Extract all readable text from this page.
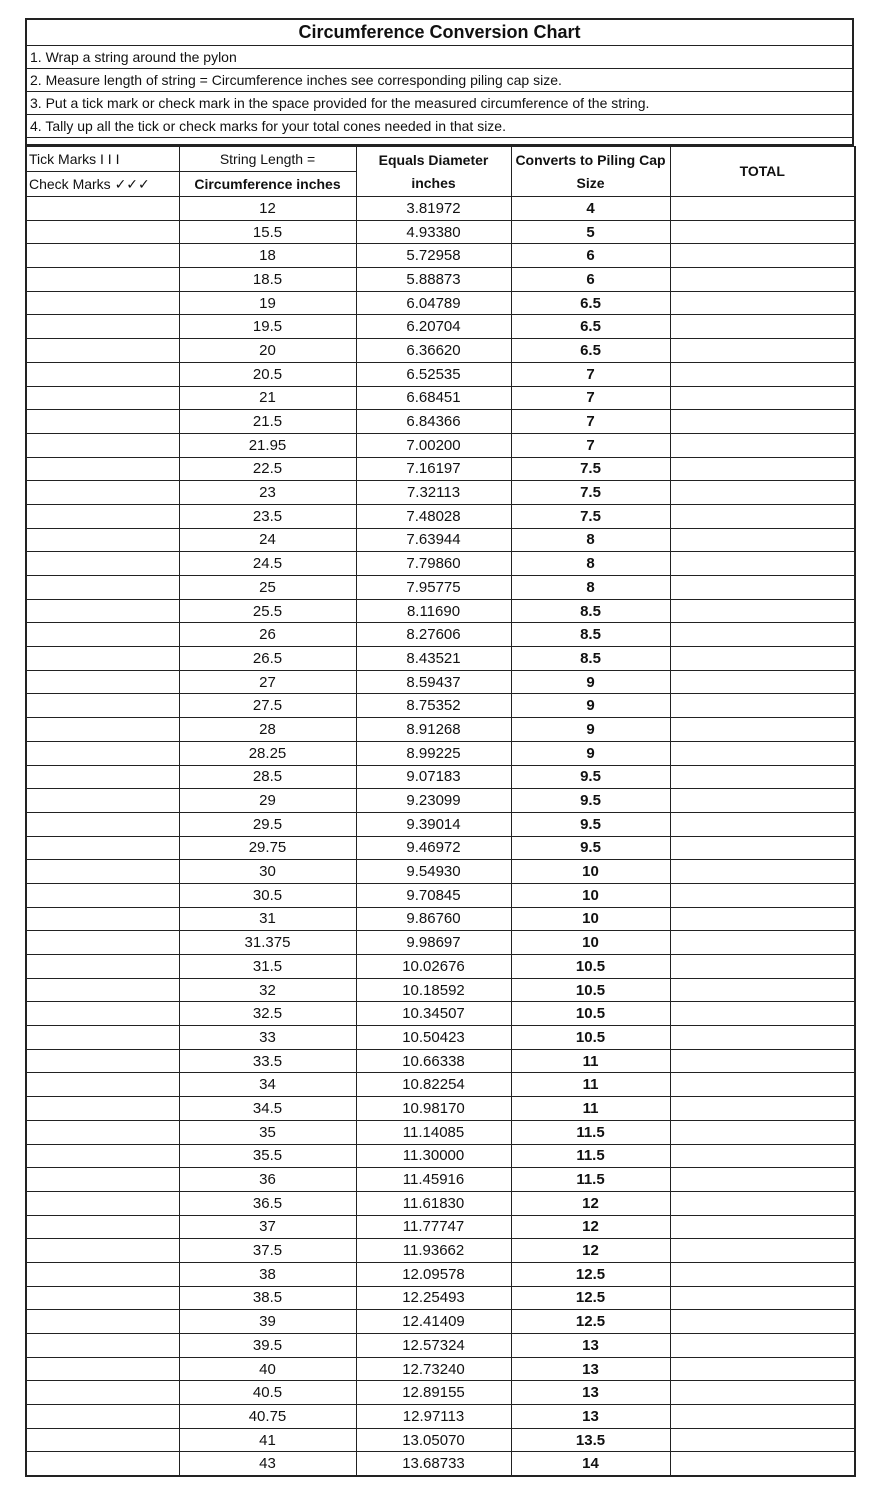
Circumference Conversion Chart
1. Wrap a string around the pylon
2. Measure length of string = Circumference inches see corresponding piling cap size.
3. Put a tick mark or check mark in the space provided for the measured circumference of the string.
4. Tally up all the tick or check marks for your total cones needed in that size.
Tick Marks I I I	String Length =	Equals Diameter inches	Converts to Piling Cap Size	TOTAL
Check Marks ✓✓✓	Circumference inches			
	12	3.81972	4	
	15.5	4.93380	5	
	18	5.72958	6	
	18.5	5.88873	6	
	19	6.04789	6.5	
	19.5	6.20704	6.5	
	20	6.36620	6.5	
	20.5	6.52535	7	
	21	6.68451	7	
	21.5	6.84366	7	
	21.95	7.00200	7	
	22.5	7.16197	7.5	
	23	7.32113	7.5	
	23.5	7.48028	7.5	
	24	7.63944	8	
	24.5	7.79860	8	
	25	7.95775	8	
	25.5	8.11690	8.5	
	26	8.27606	8.5	
	26.5	8.43521	8.5	
	27	8.59437	9	
	27.5	8.75352	9	
	28	8.91268	9	
	28.25	8.99225	9	
	28.5	9.07183	9.5	
	29	9.23099	9.5	
	29.5	9.39014	9.5	
	29.75	9.46972	9.5	
	30	9.54930	10	
	30.5	9.70845	10	
	31	9.86760	10	
	31.375	9.98697	10	
	31.5	10.02676	10.5	
	32	10.18592	10.5	
	32.5	10.34507	10.5	
	33	10.50423	10.5	
	33.5	10.66338	11	
	34	10.82254	11	
	34.5	10.98170	11	
	35	11.14085	11.5	
	35.5	11.30000	11.5	
	36	11.45916	11.5	
	36.5	11.61830	12	
	37	11.77747	12	
	37.5	11.93662	12	
	38	12.09578	12.5	
	38.5	12.25493	12.5	
	39	12.41409	12.5	
	39.5	12.57324	13	
	40	12.73240	13	
	40.5	12.89155	13	
	40.75	12.97113	13	
	41	13.05070	13.5	
	43	13.68733	14	
